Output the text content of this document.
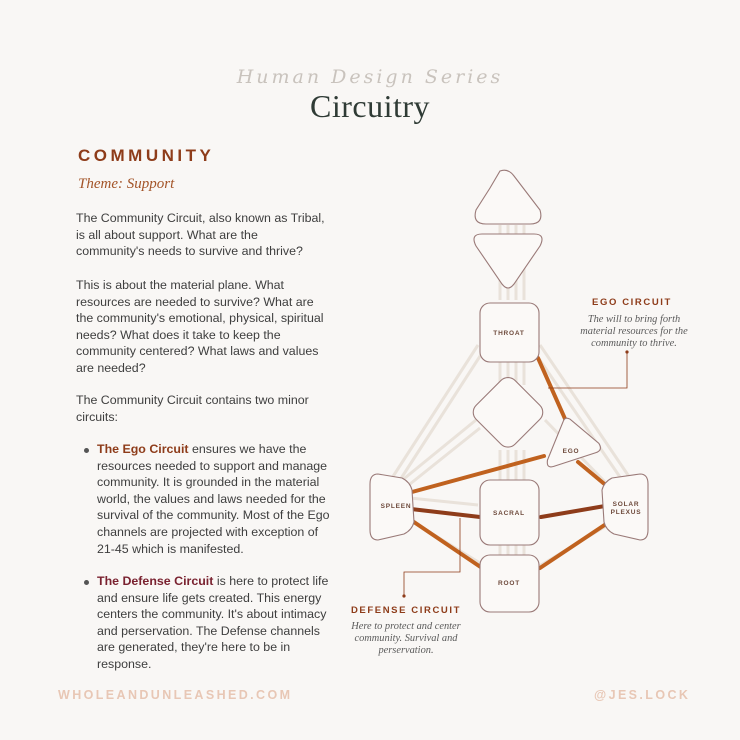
Human Design Series
Circuitry
COMMUNITY
Theme: Support
The Community Circuit, also known as Tribal, is all about support. What are the community's needs to survive and thrive?
This is about the material plane. What resources are needed to survive? What are the community's emotional, physical, spiritual needs? What does it take to keep the community centered? What laws and values are needed?
The Community Circuit contains two minor circuits:
The Ego Circuit ensures we have the resources needed to support and manage community. It is grounded in the material world, the values and laws needed for the survival of the community. Most of the Ego channels are projected with exception of 21-45 which is manifested.
The Defense Circuit is here to protect life and ensure life gets created. This energy centers the community. It's about intimacy and perservation. The Defense channels are generated, they're here to be in response.
THROAT
EGO
SPLEEN
SACRAL
SOLAR
PLEXUS
ROOT
EGO CIRCUIT
The will to bring forth material resources for the community to thrive.
DEFENSE CIRCUIT
Here to protect and center community. Survival and perservation.
WHOLEANDUNLEASHED.COM	@JES.LOCK
